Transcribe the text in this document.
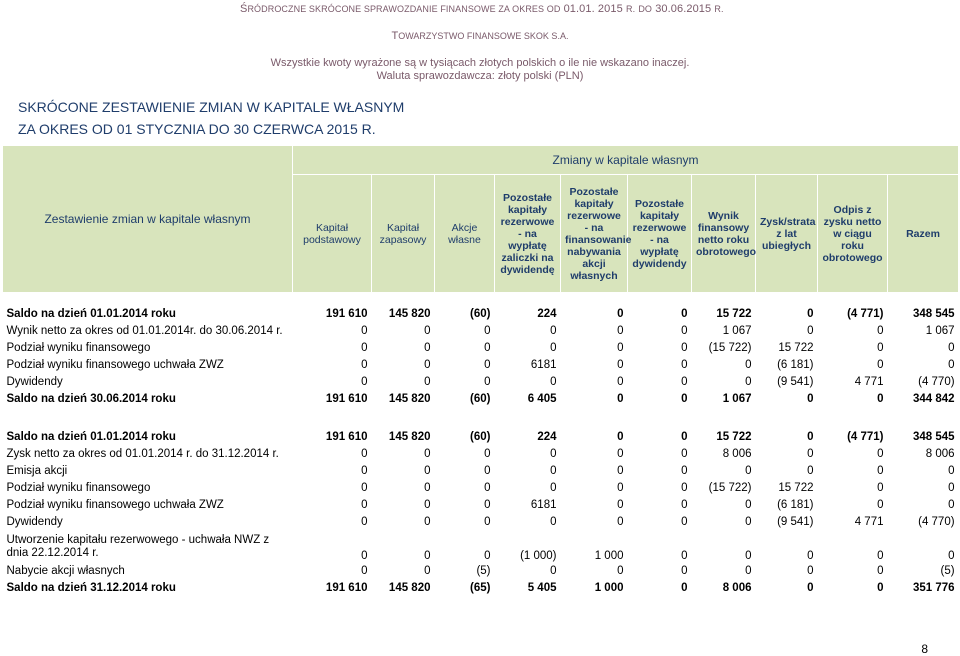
ŚRÓDROCZNE SKRÓCONE SPRAWOZDANIE FINANSOWE ZA OKRES OD 01.01. 2015 R. DO 30.06.2015 R.
TOWARZYSTWO FINANSOWE SKOK S.A.
Wszystkie kwoty wyrażone są w tysiącach złotych polskich o ile nie wskazano inaczej.
Waluta sprawozdawcza: złoty polski (PLN)
SKRÓCONE ZESTAWIENIE ZMIAN W KAPITALE WŁASNYM
ZA OKRES OD 01 STYCZNIA DO 30 CZERWCA 2015 R.
Zestawienie zmian w kapitale własnym	Zmiany w kapitale własnym									
	Kapitał podstawowy	Kapitał zapasowy	Akcje własne	Pozostałe kapitały rezerwowe - na wypłatę zaliczki na dywidendę	Pozostałe kapitały rezerwowe - na finansowanie nabywania akcji własnych	Pozostałe kapitały rezerwowe - na wypłatę dywidendy	Wynik finansowy netto roku obrotowego	Zysk/strata z lat ubiegłych	Odpis z zysku netto w ciągu roku obrotowego	Razem

Saldo na dzień 01.01.2014 roku	191 610	145 820	(60)	224	0	0	15 722	0	(4 771)	348 545
Wynik netto za okres od 01.01.2014r. do 30.06.2014 r.	0	0	0	0	0	0	1 067	0	0	1 067
Podział wyniku finansowego	0	0	0	0	0	0	(15 722)	15 722	0	0
Podział wyniku finansowego uchwała ZWZ	0	0	0	6181	0	0	0	(6 181)	0	0
Dywidendy	0	0	0	0	0	0	0	(9 541)	4 771	(4 770)
Saldo na dzień 30.06.2014 roku	191 610	145 820	(60)	6 405	0	0	1 067	0	0	344 842

Saldo na dzień 01.01.2014 roku	191 610	145 820	(60)	224	0	0	15 722	0	(4 771)	348 545
Zysk netto za okres od 01.01.2014 r. do 31.12.2014 r.	0	0	0	0	0	0	8 006	0	0	8 006
Emisja akcji	0	0	0	0	0	0	0	0	0	0
Podział wyniku finansowego	0	0	0	0	0	0	(15 722)	15 722	0	0
Podział wyniku finansowego uchwała ZWZ	0	0	0	6181	0	0	0	(6 181)	0	0
Dywidendy	0	0	0	0	0	0	0	(9 541)	4 771	(4 770)
Utworzenie kapitału rezerwowego - uchwała NWZ z dnia 22.12.2014 r.	0	0	0	(1 000)	1 000	0	0	0	0	0
Nabycie akcji własnych	0	0	(5)	0	0	0	0	0	0	(5)
Saldo na dzień 31.12.2014 roku	191 610	145 820	(65)	5 405	1 000	0	8 006	0	0	351 776
8
